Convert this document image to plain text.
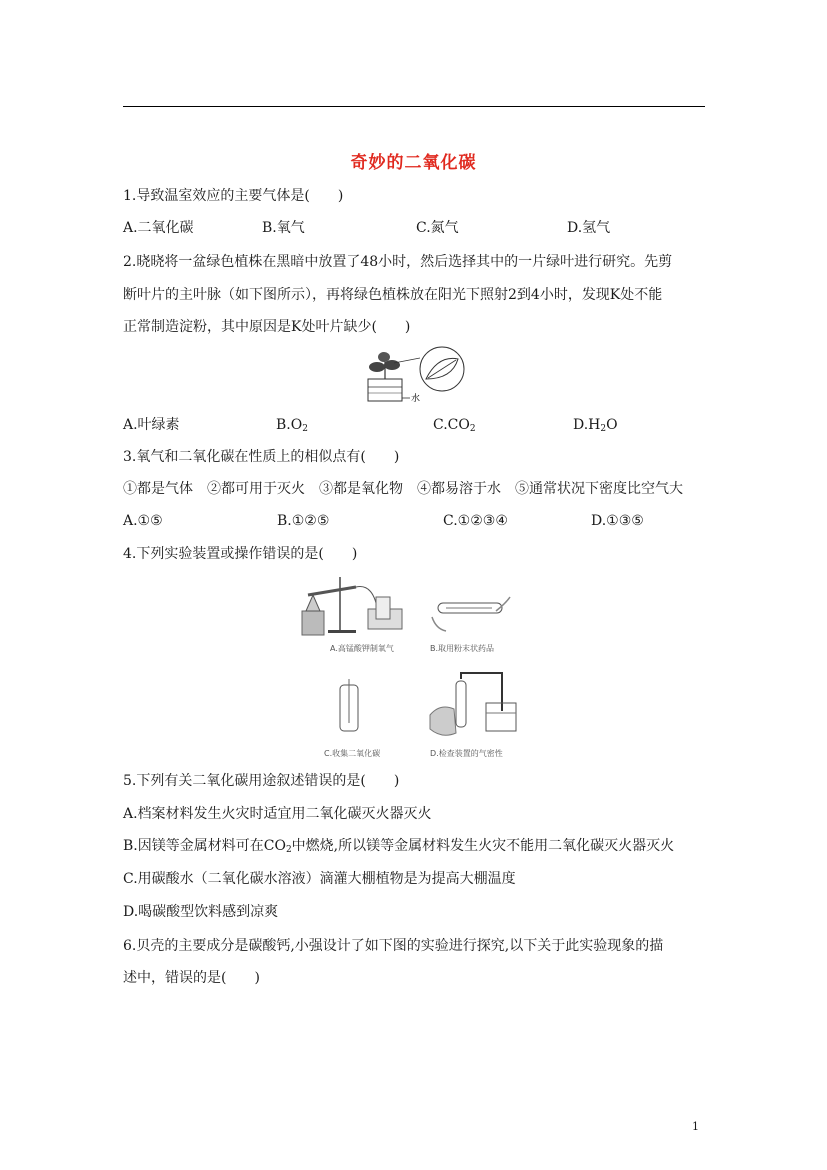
奇妙的二氧化碳
1.导致温室效应的主要气体是(　　)
A.二氧化碳	B.氧气	C.氮气	D.氢气
2.晓晓将一盆绿色植株在黑暗中放置了48小时，然后选择其中的一片绿叶进行研究。先剪
断叶片的主叶脉（如下图所示），再将绿色植株放在阳光下照射2到4小时，发现K处不能
正常制造淀粉，其中原因是K处叶片缺少(　　)
水
A.叶绿素	$B.O_2$	$C.CO_2$	$D.H_2O$
3.氧气和二氧化碳在性质上的相似点有(　　)
①都是气体　②都可用于灭火　③都是氧化物　④都易溶于水　⑤通常状况下密度比空气大
A.①⑤	B.①②⑤	C.①②③④	D.①③⑤
4.下列实验装置或操作错误的是(　　)
A.高锰酸钾制氧气	B.取用粉末状药品
C.收集二氧化碳	D.检查装置的气密性
5.下列有关二氧化碳用途叙述错误的是(　　)
A.档案材料发生火灾时适宜用二氧化碳灭火器灭火
B.因镁等金属材料可在$CO_2$中燃烧,所以镁等金属材料发生火灾不能用二氧化碳灭火器灭火
C.用碳酸水（二氧化碳水溶液）滴灌大棚植物是为提高大棚温度
D.喝碳酸型饮料感到凉爽
6.贝壳的主要成分是碳酸钙,小强设计了如下图的实验进行探究,以下关于此实验现象的描
述中，错误的是(　　)
1
